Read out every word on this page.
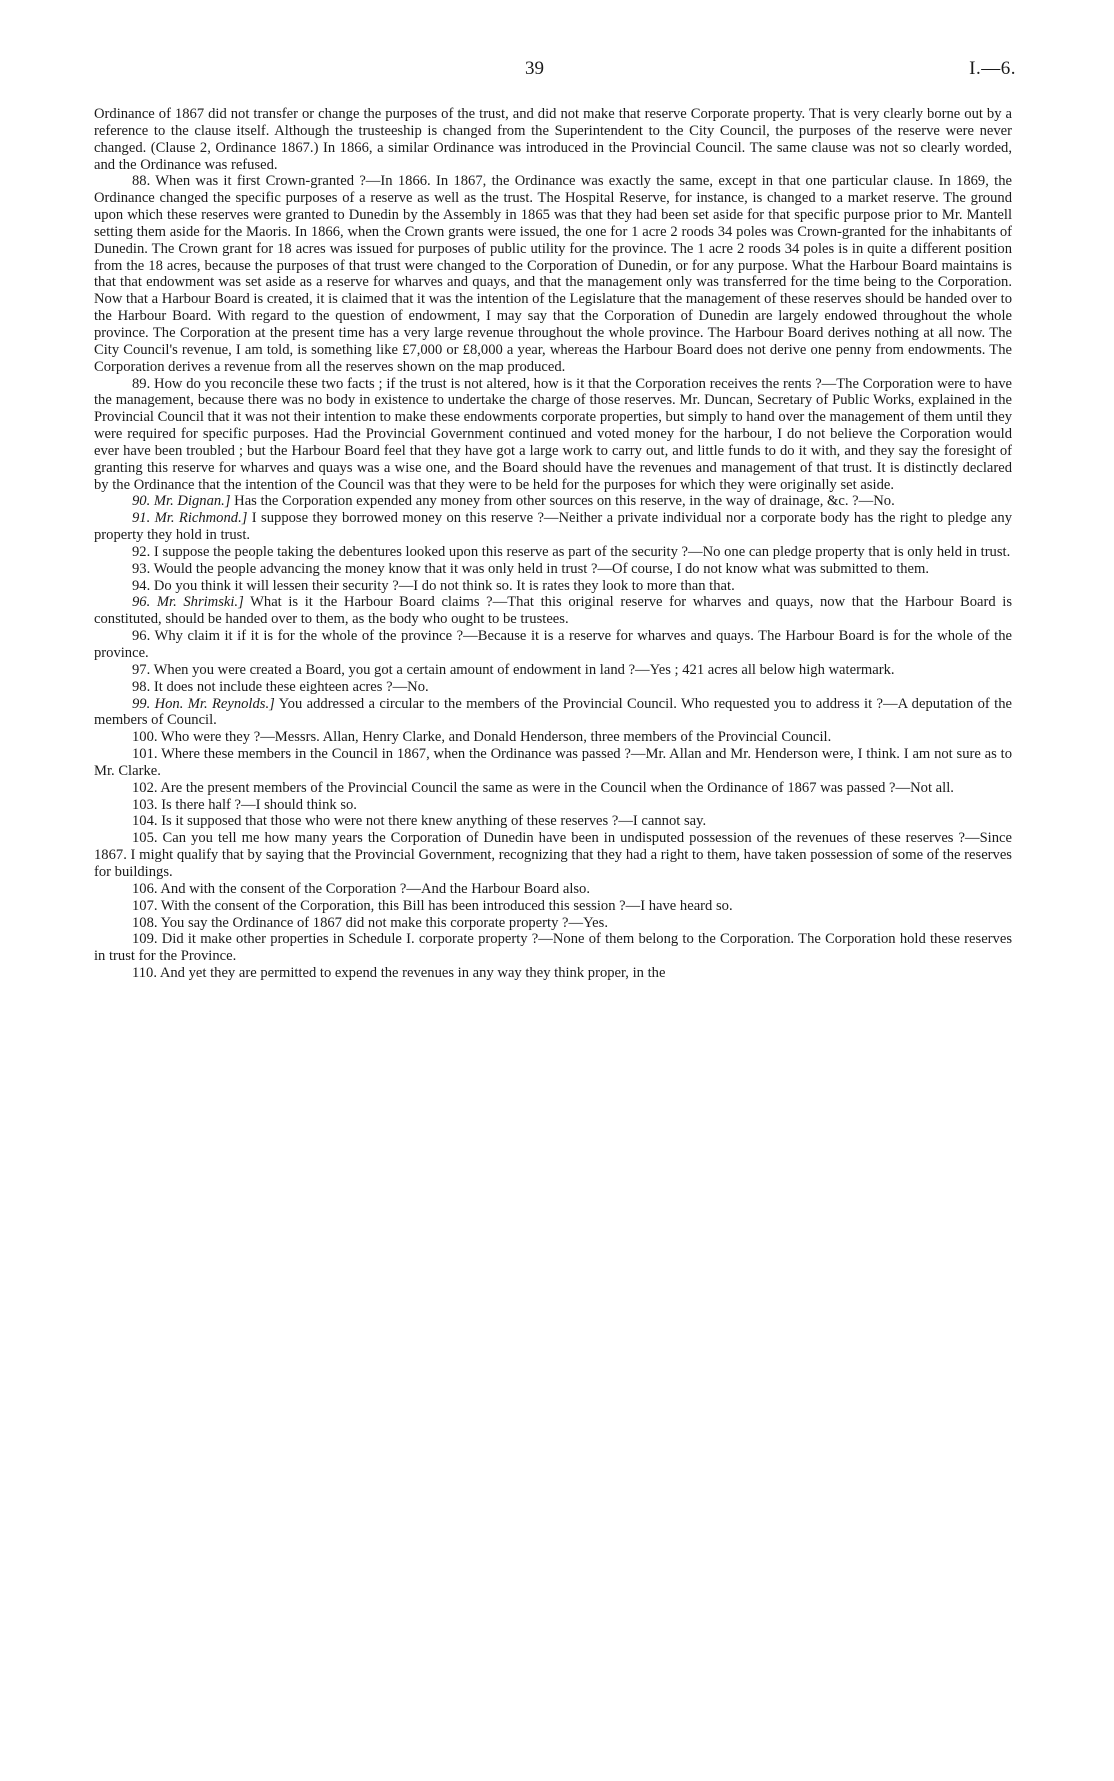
39	I.—6.

Ordinance of 1867 did not transfer or change the purposes of the trust, and did not make that reserve Corporate property. That is very clearly borne out by a reference to the clause itself. Although the trusteeship is changed from the Superintendent to the City Council, the purposes of the reserve were never changed. (Clause 2, Ordinance 1867.) In 1866, a similar Ordinance was introduced in the Provincial Council. The same clause was not so clearly worded, and the Ordinance was refused.

88. When was it first Crown-granted ?—In 1866. In 1867, the Ordinance was exactly the same, except in that one particular clause. In 1869, the Ordinance changed the specific purposes of a reserve as well as the trust. The Hospital Reserve, for instance, is changed to a market reserve. The ground upon which these reserves were granted to Dunedin by the Assembly in 1865 was that they had been set aside for that specific purpose prior to Mr. Mantell setting them aside for the Maoris. In 1866, when the Crown grants were issued, the one for 1 acre 2 roods 34 poles was Crown-granted for the inhabitants of Dunedin. The Crown grant for 18 acres was issued for purposes of public utility for the province. The 1 acre 2 roods 34 poles is in quite a different position from the 18 acres, because the purposes of that trust were changed to the Corporation of Dunedin, or for any purpose. What the Harbour Board maintains is that that endowment was set aside as a reserve for wharves and quays, and that the management only was transferred for the time being to the Corporation. Now that a Harbour Board is created, it is claimed that it was the intention of the Legislature that the management of these reserves should be handed over to the Harbour Board. With regard to the question of endowment, I may say that the Corporation of Dunedin are largely endowed throughout the whole province. The Corporation at the present time has a very large revenue throughout the whole province. The Harbour Board derives nothing at all now. The City Council's revenue, I am told, is something like £7,000 or £8,000 a year, whereas the Harbour Board does not derive one penny from endowments. The Corporation derives a revenue from all the reserves shown on the map produced.

89. How do you reconcile these two facts ; if the trust is not altered, how is it that the Corporation receives the rents ?—The Corporation were to have the management, because there was no body in existence to undertake the charge of those reserves. Mr. Duncan, Secretary of Public Works, explained in the Provincial Council that it was not their intention to make these endowments corporate properties, but simply to hand over the management of them until they were required for specific purposes. Had the Provincial Government continued and voted money for the harbour, I do not believe the Corporation would ever have been troubled ; but the Harbour Board feel that they have got a large work to carry out, and little funds to do it with, and they say the foresight of granting this reserve for wharves and quays was a wise one, and the Board should have the revenues and management of that trust. It is distinctly declared by the Ordinance that the intention of the Council was that they were to be held for the purposes for which they were originally set aside.

90. Mr. Dignan.] Has the Corporation expended any money from other sources on this reserve, in the way of drainage, &c. ?—No.

91. Mr. Richmond.] I suppose they borrowed money on this reserve ?—Neither a private individual nor a corporate body has the right to pledge any property they hold in trust.

92. I suppose the people taking the debentures looked upon this reserve as part of the security ?—No one can pledge property that is only held in trust.

93. Would the people advancing the money know that it was only held in trust ?—Of course, I do not know what was submitted to them.

94. Do you think it will lessen their security ?—I do not think so. It is rates they look to more than that.

96. Mr. Shrimski.] What is it the Harbour Board claims ?—That this original reserve for wharves and quays, now that the Harbour Board is constituted, should be handed over to them, as the body who ought to be trustees.

96. Why claim it if it is for the whole of the province ?—Because it is a reserve for wharves and quays. The Harbour Board is for the whole of the province.

97. When you were created a Board, you got a certain amount of endowment in land ?—Yes ; 421 acres all below high watermark.

98. It does not include these eighteen acres ?—No.

99. Hon. Mr. Reynolds.] You addressed a circular to the members of the Provincial Council. Who requested you to address it ?—A deputation of the members of Council.

100. Who were they ?—Messrs. Allan, Henry Clarke, and Donald Henderson, three members of the Provincial Council.

101. Where these members in the Council in 1867, when the Ordinance was passed ?—Mr. Allan and Mr. Henderson were, I think. I am not sure as to Mr. Clarke.

102. Are the present members of the Provincial Council the same as were in the Council when the Ordinance of 1867 was passed ?—Not all.

103. Is there half ?—I should think so.

104. Is it supposed that those who were not there knew anything of these reserves ?—I cannot say.

105. Can you tell me how many years the Corporation of Dunedin have been in undisputed possession of the revenues of these reserves ?—Since 1867. I might qualify that by saying that the Provincial Government, recognizing that they had a right to them, have taken possession of some of the reserves for buildings.

106. And with the consent of the Corporation ?—And the Harbour Board also.

107. With the consent of the Corporation, this Bill has been introduced this session ?—I have heard so.

108. You say the Ordinance of 1867 did not make this corporate property ?—Yes.

109. Did it make other properties in Schedule I. corporate property ?—None of them belong to the Corporation. The Corporation hold these reserves in trust for the Province.

110. And yet they are permitted to expend the revenues in any way they think proper, in the
